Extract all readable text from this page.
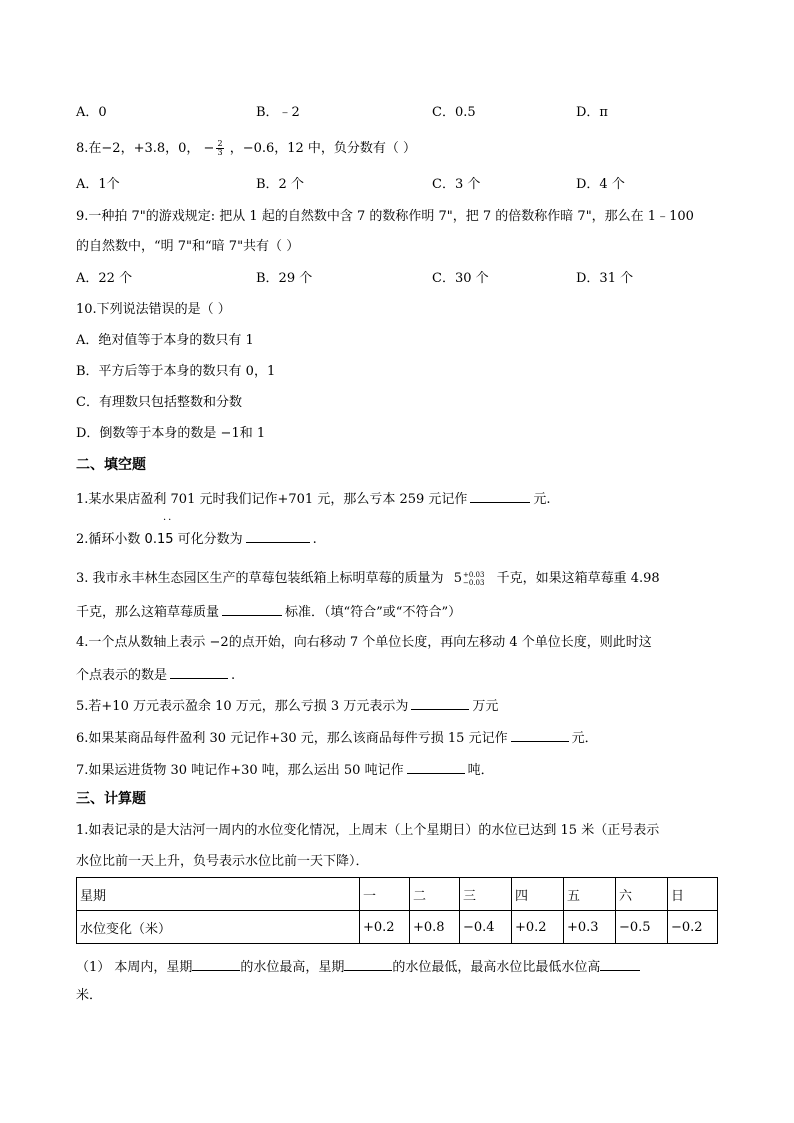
A．0	B．﹣2	C．0.5	D．π
8.在−2，+3.8，0， − $\frac{2}{3}$ ，−0.6，12 中，负分数有（ ）
A．1个	B．2 个	C．3 个	D．4 个
9.一种拍 7"的游戏规定: 把从 1 起的自然数中含 7 的数称作明 7"，把 7 的倍数称作暗 7"，那么在 1﹣100
的自然数中，“明 7"和“暗 7"共有（ ）
A．22 个	B．29 个	C．30 个	D．31 个
10.下列说法错误的是（ ）
A．绝对值等于本身的数只有 1
B．平方后等于本身的数只有 0，1
C．有理数只包括整数和分数
D．倒数等于本身的数是 −1和 1
二、填空题
1.某水果店盈利 701 元时我们记作+701 元，那么亏本 259 元记作	元.
··
2.循环小数 0.15 可化分数为	.
3. 我市永丰林生态园区生产的草莓包装纸箱上标明草莓的质量为 5 +0.03
−0.03 千克，如果这箱草莓重 4.98
千克，那么这箱草莓质量	标准．（填“符合”或“不符合”）
4.一个点从数轴上表示 −2的点开始，向右移动 7 个单位长度，再向左移动 4 个单位长度，则此时这
个点表示的数是	.
5.若+10 万元表示盈余 10 万元，那么亏损 3 万元表示为	万元
6.如果某商品每件盈利 30 元记作+30 元，那么该商品每件亏损 15 元记作	元．
7.如果运进货物 30 吨记作+30 吨，那么运出 50 吨记作	吨．
三、计算题
1.如表记录的是大沽河一周内的水位变化情况，上周末（上个星期日）的水位已达到 15 米（正号表示
水位比前一天上升，负号表示水位比前一天下降）．
星期	一	二	三	四	五	六	日
水位变化（米）	+0.2	+0.8	−0.4	+0.2	+0.3	−0.5	−0.2
（1） 本周内，星期	的水位最高，星期	的水位最低，最高水位比最低水位高
米．
